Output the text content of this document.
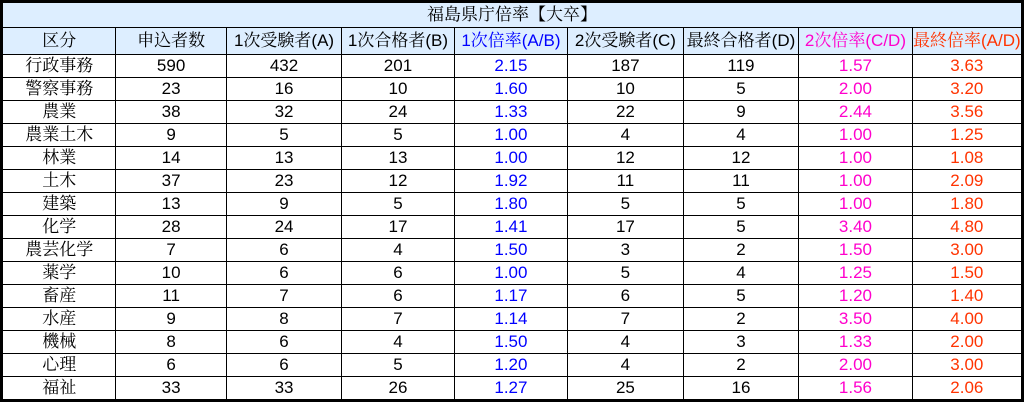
福島県庁倍率【大卒】								
区分	申込者数	1次受験者(A)	1次合格者(B)	1次倍率(A/B)	2次受験者(C)	最終合格者(D)	2次倍率(C/D)	最終倍率(A/D)
行政事務	590	432	201	2.15	187	119	1.57	3.63
警察事務	23	16	10	1.60	10	5	2.00	3.20
農業	38	32	24	1.33	22	9	2.44	3.56
農業土木	9	5	5	1.00	4	4	1.00	1.25
林業	14	13	13	1.00	12	12	1.00	1.08
土木	37	23	12	1.92	11	11	1.00	2.09
建築	13	9	5	1.80	5	5	1.00	1.80
化学	28	24	17	1.41	17	5	3.40	4.80
農芸化学	7	6	4	1.50	3	2	1.50	3.00
薬学	10	6	6	1.00	5	4	1.25	1.50
畜産	11	7	6	1.17	6	5	1.20	1.40
水産	9	8	7	1.14	7	2	3.50	4.00
機械	8	6	4	1.50	4	3	1.33	2.00
心理	6	6	5	1.20	4	2	2.00	3.00
福祉	33	33	26	1.27	25	16	1.56	2.06
